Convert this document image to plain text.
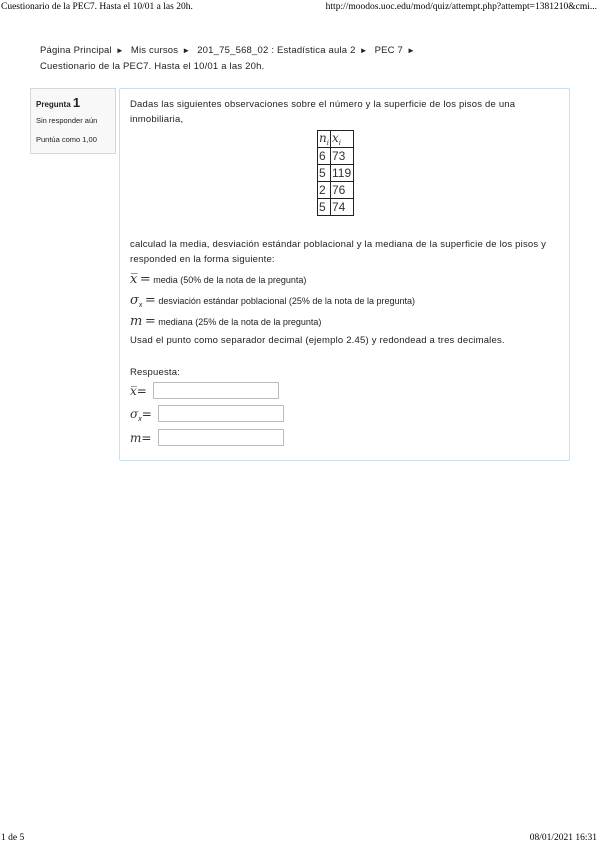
Cuestionario de la PEC7. Hasta el 10/01 a las 20h.	http://moodos.uoc.edu/mod/quiz/attempt.php?attempt=1381210&cmi...
1 de 5	08/01/2021 16:31
Página Principal ► Mis cursos ► 201_75_568_02 : Estadística aula 2 ► PEC 7 ►
Cuestionario de la PEC7. Hasta el 10/01 a las 20h.
Pregunta 1
Sin responder aún
Puntúa como 1,00
Dadas las siguientes observaciones sobre el número y la superficie de los pisos de una inmobiliaria,
$n_i$	$x_i$
6	73
5	119
2	76
5	74
calculad la media, desviación estándar poblacional y la mediana de la superficie de los pisos y responded en la forma siguiente:
x̅ = media (50% de la nota de la pregunta)
$\sigma_x$ = desviación estándar poblacional (25% de la nota de la pregunta)
m = mediana (25% de la nota de la pregunta)
Usad el punto como separador decimal (ejemplo 2.45) y redondead a tres decimales.
Respuesta:
x̅=
$\sigma_x=$
m=
